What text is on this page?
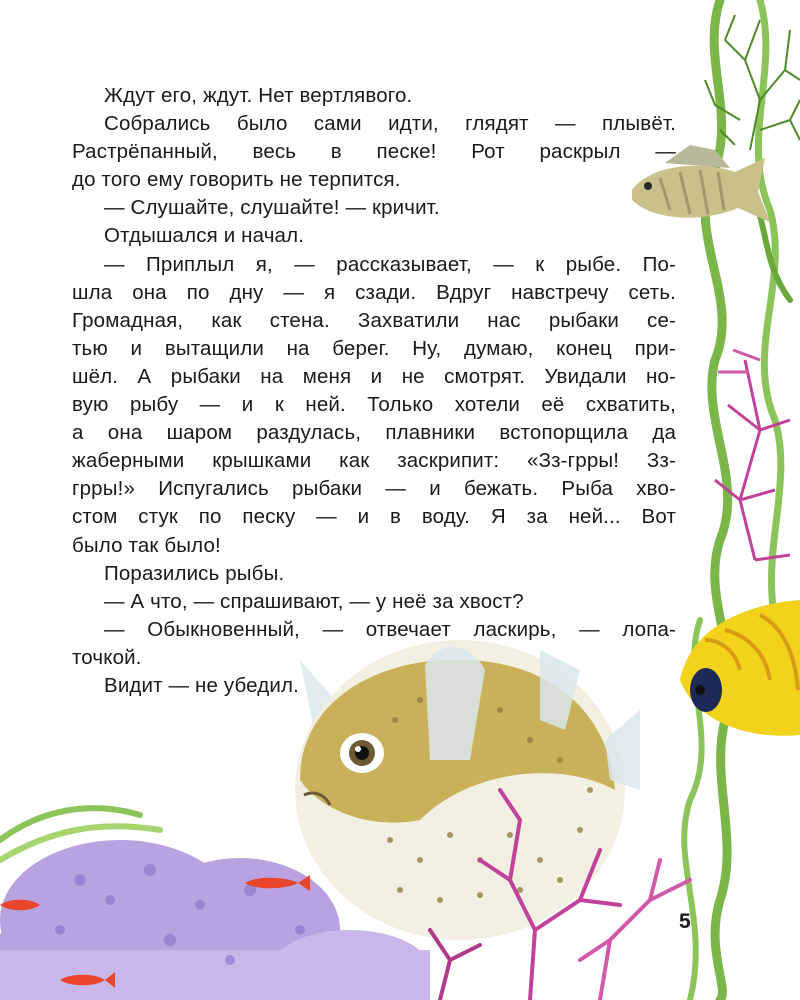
Ждут его, ждут. Нет вертлявого.
Собрались было сами идти, глядят — плывёт.
Растрёпанный, весь в песке! Рот раскрыл —
до того ему говорить не терпится.
— Слушайте, слушайте! — кричит.
Отдышался и начал.
— Приплыл я, — рассказывает, — к рыбе. По-
шла она по дну — я сзади. Вдруг навстречу сеть.
Громадная, как стена. Захватили нас рыбаки се-
тью и вытащили на берег. Ну, думаю, конец при-
шёл. А рыбаки на меня и не смотрят. Увидали но-
вую рыбу — и к ней. Только хотели её схватить,
а она шаром раздулась, плавники встопорщила да
жаберными крышками как заскрипит: «Зз-грры! Зз-
грры!» Испугались рыбаки — и бежать. Рыба хво-
стом стук по песку — и в воду. Я за ней... Вот
было так было!
Поразились рыбы.
— А что, — спрашивают, — у неё за хвост?
— Обыкновенный, — отвечает ласкирь, — лопа-
точкой.
Видит — не убедил.
5
